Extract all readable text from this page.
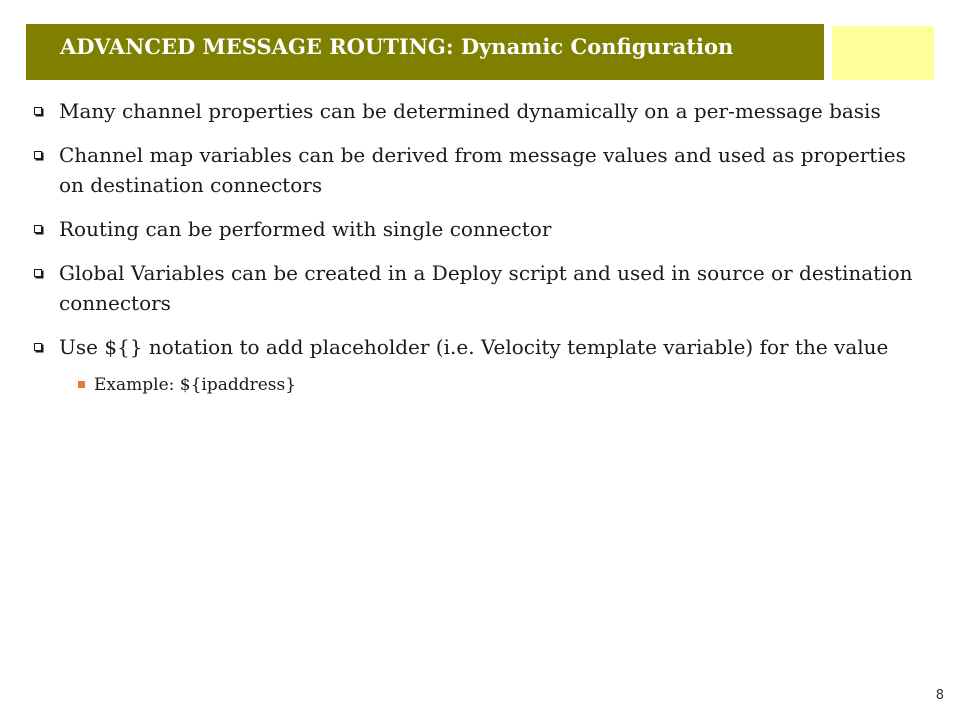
ADVANCED MESSAGE ROUTING: Dynamic Configuration
Many channel properties can be determined dynamically on a per-message basis
Channel map variables can be derived from message values and used as properties on destination connectors
Routing can be performed with single connector
Global Variables can be created in a Deploy script and used in source or destination connectors
Use ${} notation to add placeholder (i.e. Velocity template variable) for the value
Example: ${ipaddress}
8
